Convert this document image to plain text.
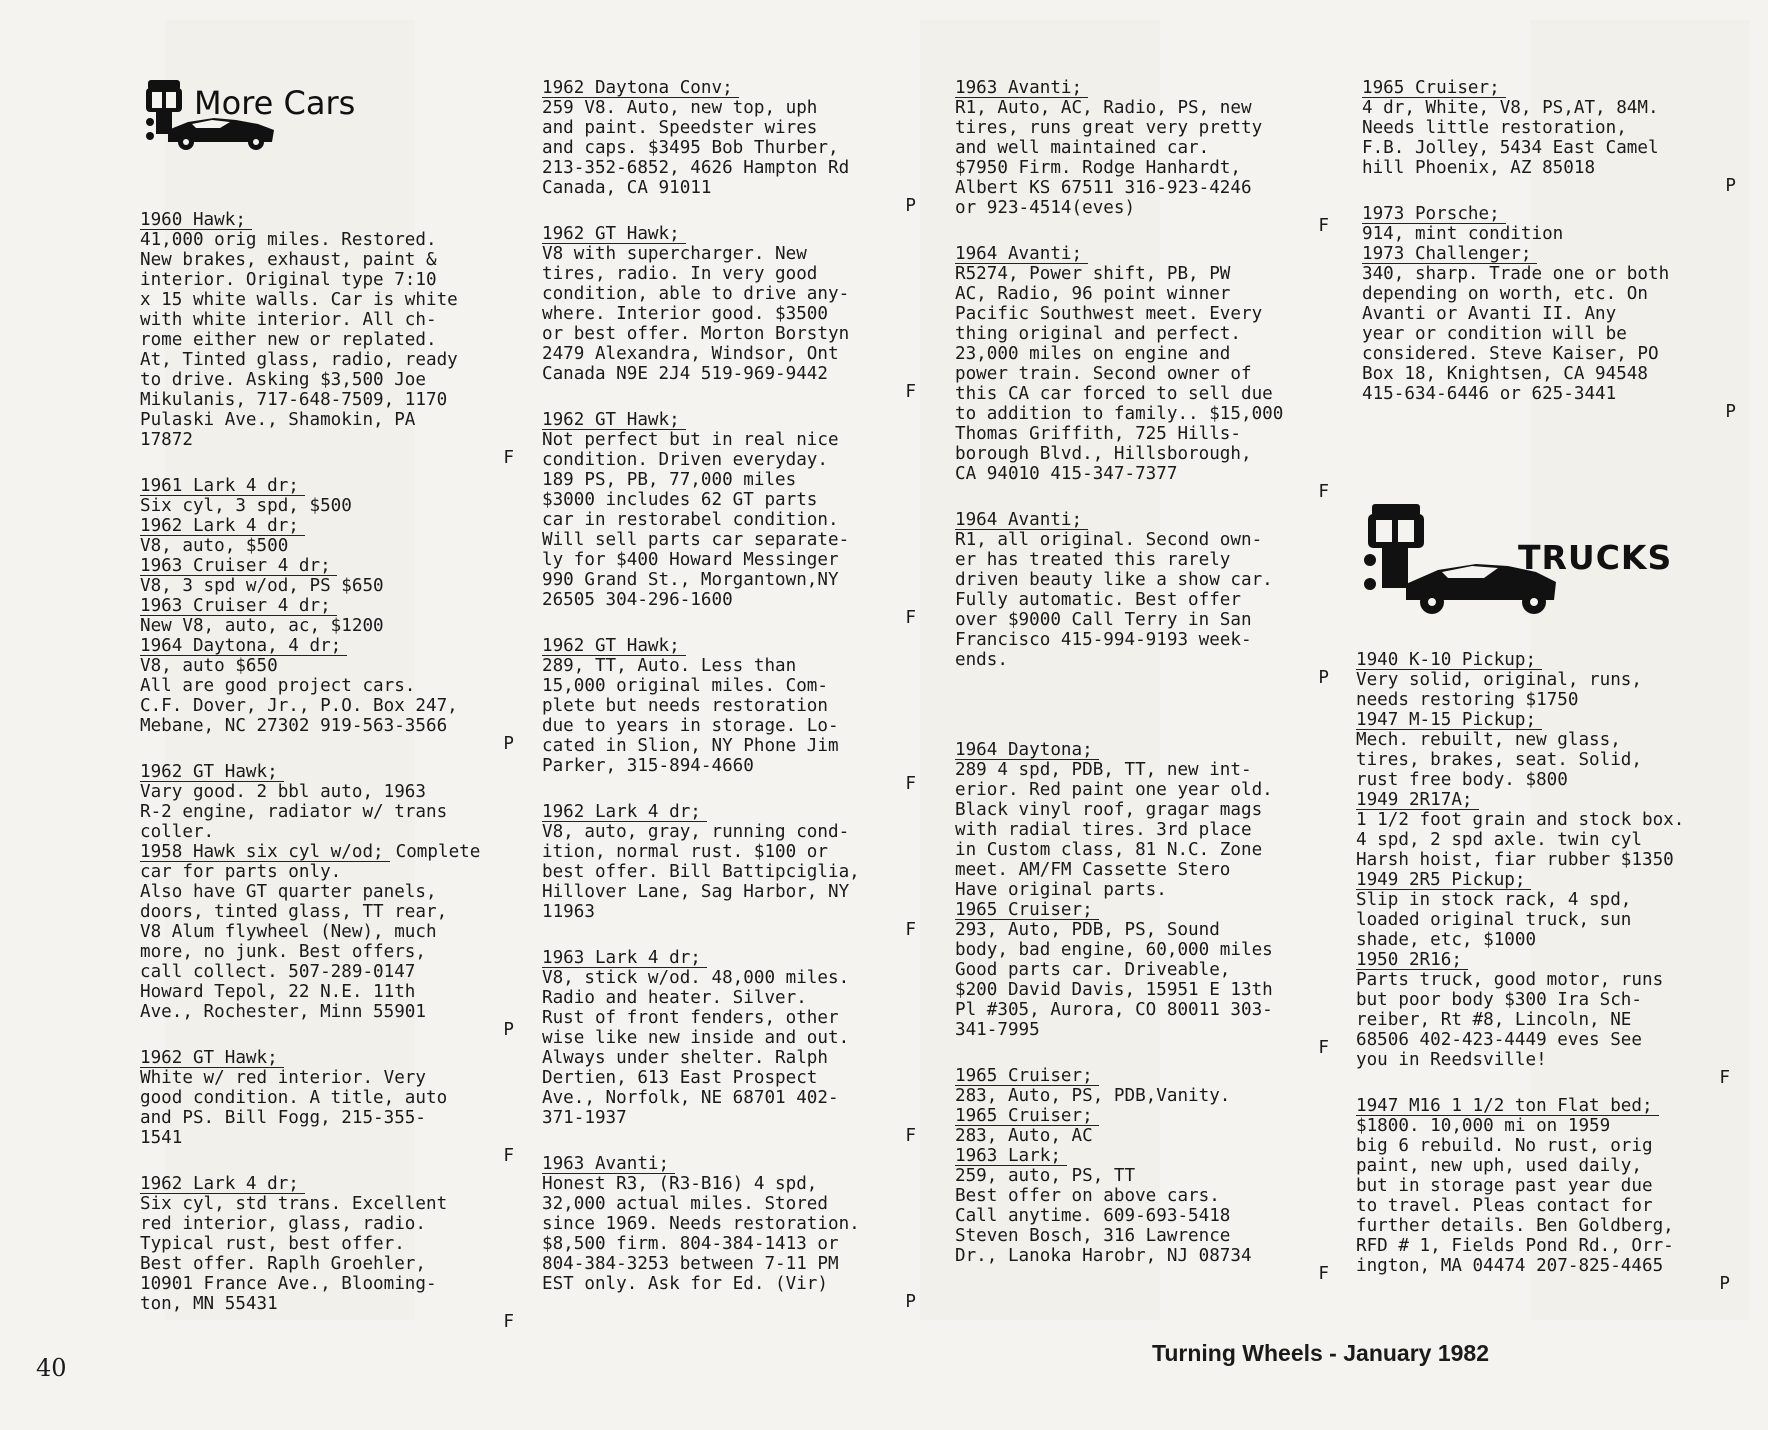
More Cars
TRUCKS
1960 Hawk;
41,000 orig miles. Restored.
New brakes, exhaust, paint &
interior. Original type 7:10
x 15 white walls. Car is white
with white interior. All ch-
rome either new or replated.
At, Tinted glass, radio, ready
to drive. Asking $3,500 Joe
Mikulanis, 717-648-7509, 1170
Pulaski Ave., Shamokin, PA
17872
F
1961 Lark 4 dr;
Six cyl, 3 spd, $500
1962 Lark 4 dr;
V8, auto, $500
1963 Cruiser 4 dr;
V8, 3 spd w/od, PS $650
1963 Cruiser 4 dr;
New V8, auto, ac, $1200
1964 Daytona, 4 dr;
V8, auto $650
All are good project cars.
C.F. Dover, Jr., P.O. Box 247,
Mebane, NC 27302 919-563-3566
P
1962 GT Hawk;
Vary good. 2 bbl auto, 1963
R-2 engine, radiator w/ trans
coller.
1958 Hawk six cyl w/od; Complete car for parts only.
Also have GT quarter panels,
doors, tinted glass, TT rear,
V8 Alum flywheel (New), much
more, no junk. Best offers,
call collect. 507-289-0147
Howard Tepol, 22 N.E. 11th
Ave., Rochester, Minn 55901
P
1962 GT Hawk;
White w/ red interior. Very
good condition. A title, auto
and PS. Bill Fogg, 215-355-
1541
F
1962 Lark 4 dr;
Six cyl, std trans. Excellent
red interior, glass, radio.
Typical rust, best offer.
Best offer. Raplh Groehler,
10901 France Ave., Blooming-
ton, MN 55431
F
1962 Daytona Conv;
259 V8. Auto, new top, uph
and paint. Speedster wires
and caps. $3495 Bob Thurber,
213-352-6852, 4626 Hampton Rd
Canada, CA 91011
P
1962 GT Hawk;
V8 with supercharger. New
tires, radio. In very good
condition, able to drive any-
where. Interior good. $3500
or best offer. Morton Borstyn
2479 Alexandra, Windsor, Ont
Canada N9E 2J4 519-969-9442
F
1962 GT Hawk;
Not perfect but in real nice
condition. Driven everyday.
189 PS, PB, 77,000 miles
$3000 includes 62 GT parts
car in restorabel condition.
Will sell parts car separate-
ly for $400 Howard Messinger
990 Grand St., Morgantown,NY
26505 304-296-1600
F
1962 GT Hawk;
289, TT, Auto. Less than
15,000 original miles. Com-
plete but needs restoration
due to years in storage. Lo-
cated in Slion, NY Phone Jim
Parker, 315-894-4660
F
1962 Lark 4 dr;
V8, auto, gray, running cond-
ition, normal rust. $100 or
best offer. Bill Battipciglia,
Hillover Lane, Sag Harbor, NY
11963
F
1963 Lark 4 dr;
V8, stick w/od. 48,000 miles.
Radio and heater. Silver.
Rust of front fenders, other
wise like new inside and out.
Always under shelter. Ralph
Dertien, 613 East Prospect
Ave., Norfolk, NE 68701 402-
371-1937
F
1963 Avanti;
Honest R3, (R3-B16) 4 spd,
32,000 actual miles. Stored
since 1969. Needs restoration.
$8,500 firm. 804-384-1413 or
804-384-3253 between 7-11 PM
EST only. Ask for Ed. (Vir)
P
1963 Avanti;
R1, Auto, AC, Radio, PS, new
tires, runs great very pretty
and well maintained car.
$7950 Firm. Rodge Hanhardt,
Albert KS 67511 316-923-4246
or 923-4514(eves)
F
1964 Avanti;
R5274, Power shift, PB, PW
AC, Radio, 96 point winner
Pacific Southwest meet. Every
thing original and perfect.
23,000 miles on engine and
power train. Second owner of
this CA car forced to sell due
to addition to family.. $15,000
Thomas Griffith, 725 Hills-
borough Blvd., Hillsborough,
CA 94010 415-347-7377
F
1964 Avanti;
R1, all original. Second own-
er has treated this rarely
driven beauty like a show car.
Fully automatic. Best offer
over $9000 Call Terry in San
Francisco 415-994-9193 week-
ends.
P
1964 Daytona;
289 4 spd, PDB, TT, new int-
erior. Red paint one year old.
Black vinyl roof, gragar mags
with radial tires. 3rd place
in Custom class, 81 N.C. Zone
meet. AM/FM Cassette Stero
Have original parts.
1965 Cruiser;
293, Auto, PDB, PS, Sound
body, bad engine, 60,000 miles
Good parts car. Driveable,
$200 David Davis, 15951 E 13th
Pl #305, Aurora, CO 80011 303-
341-7995
F
1965 Cruiser;
283, Auto, PS, PDB,Vanity.
1965 Cruiser;
283, Auto, AC
1963 Lark;
259, auto, PS, TT
Best offer on above cars.
Call anytime. 609-693-5418
Steven Bosch, 316 Lawrence
Dr., Lanoka Harobr, NJ 08734
F
1965 Cruiser;
4 dr, White, V8, PS,AT, 84M.
Needs little restoration,
F.B. Jolley, 5434 East Camel
hill Phoenix, AZ 85018
P
1973 Porsche;
914, mint condition
1973 Challenger;
340, sharp. Trade one or both
depending on worth, etc. On
Avanti or Avanti II. Any
year or condition will be
considered. Steve Kaiser, PO
Box 18, Knightsen, CA 94548
415-634-6446 or 625-3441
P
1940 K-10 Pickup;
Very solid, original, runs,
needs restoring $1750
1947 M-15 Pickup;
Mech. rebuilt, new glass,
tires, brakes, seat. Solid,
rust free body. $800
1949 2R17A;
1 1/2 foot grain and stock box.
4 spd, 2 spd axle. twin cyl
Harsh hoist, fiar rubber $1350
1949 2R5 Pickup;
Slip in stock rack, 4 spd,
loaded original truck, sun
shade, etc, $1000
1950 2R16;
Parts truck, good motor, runs
but poor body $300 Ira Sch-
reiber, Rt #8, Lincoln, NE
68506 402-423-4449 eves See
you in Reedsville!
F
1947 M16 1 1/2 ton Flat bed;
$1800. 10,000 mi on 1959
big 6 rebuild. No rust, orig
paint, new uph, used daily,
but in storage past year due
to travel. Pleas contact for
further details. Ben Goldberg,
RFD # 1, Fields Pond Rd., Orr-
ington, MA 04474 207-825-4465
P
40
Turning Wheels - January 1982
